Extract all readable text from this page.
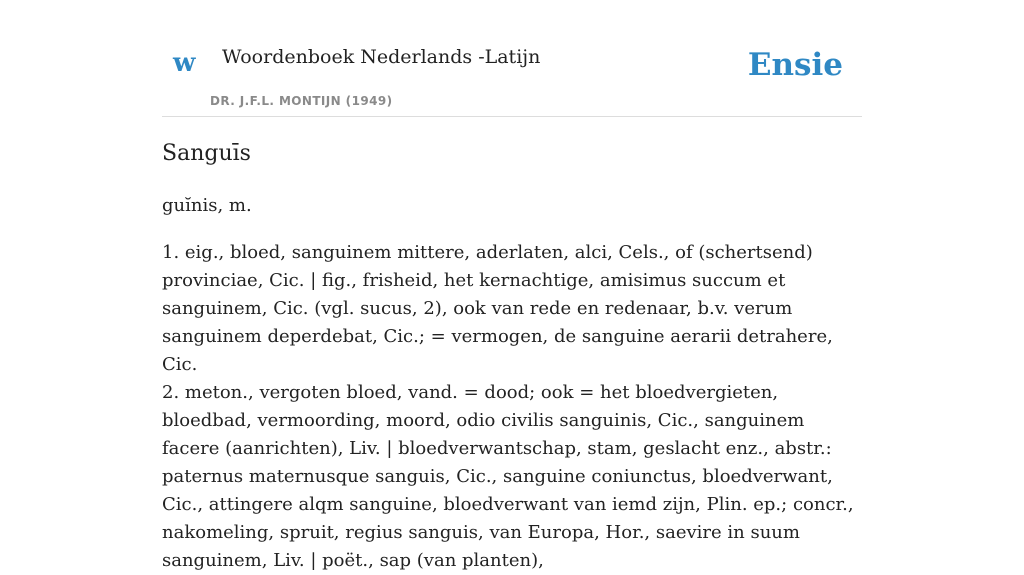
w Woordenboek Nederlands -Latijn
DR. J.F.L. MONTIJN (1949)
Ensie
Sanguīs

guĭnis, m.

1. eig., bloed, sanguinem mittere, aderlaten, alci, Cels., of (schertsend) provinciae, Cic. | fig., frisheid, het kernachtige, amisimus succum et sanguinem, Cic. (vgl. sucus, 2), ook van rede en redenaar, b.v. verum sanguinem deperdebat, Cic.; = vermogen, de sanguine aerarii detrahere, Cic.

2. meton., vergoten bloed, vand. = dood; ook = het bloedvergieten, bloedbad, vermoording, moord, odio civilis sanguinis, Cic., sanguinem facere (aanrichten), Liv. | bloedverwantschap, stam, geslacht enz., abstr.: paternus maternusque sanguis, Cic., sanguine coniunctus, bloedverwant, Cic., attingere alqm sanguine, bloedverwant van iemd zijn, Plin. ep.; concr., nakomeling, spruit, regius sanguis, van Europa, Hor., saevire in suum sanguinem, Liv. | poët., sap (van planten),
